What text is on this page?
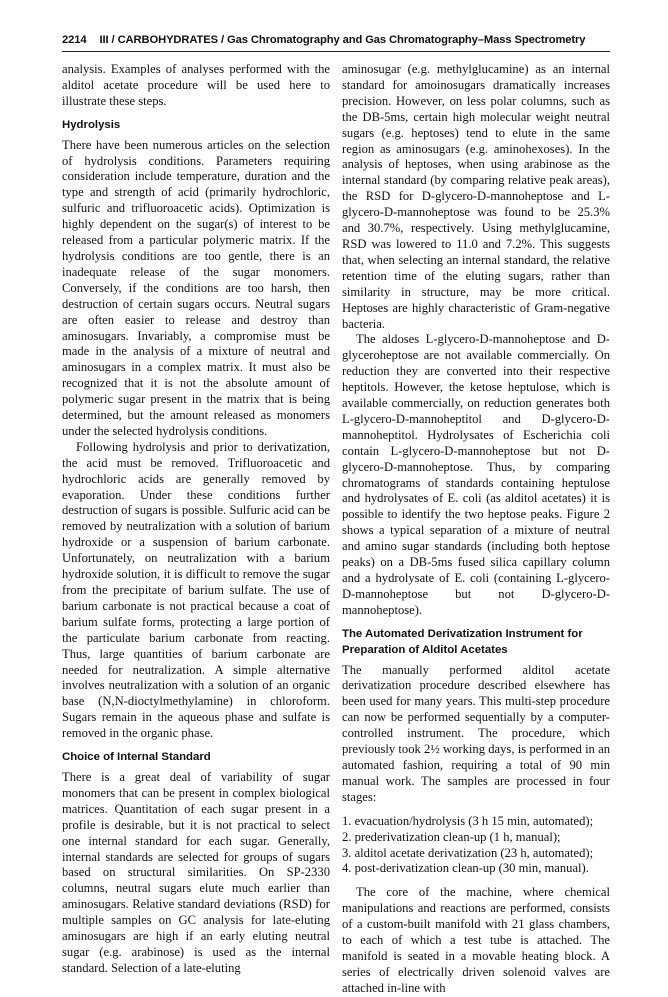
2214 III / CARBOHYDRATES / Gas Chromatography and Gas Chromatography–Mass Spectrometry

analysis. Examples of analyses performed with the alditol acetate procedure will be used here to illustrate these steps.

Hydrolysis

There have been numerous articles on the selection of hydrolysis conditions. Parameters requiring consideration include temperature, duration and the type and strength of acid (primarily hydrochloric, sulfuric and trifluoroacetic acids). Optimization is highly dependent on the sugar(s) of interest to be released from a particular polymeric matrix. If the hydrolysis conditions are too gentle, there is an inadequate release of the sugar monomers. Conversely, if the conditions are too harsh, then destruction of certain sugars occurs. Neutral sugars are often easier to release and destroy than aminosugars. Invariably, a compromise must be made in the analysis of a mixture of neutral and aminosugars in a complex matrix. It must also be recognized that it is not the absolute amount of polymeric sugar present in the matrix that is being determined, but the amount released as monomers under the selected hydrolysis conditions.

Following hydrolysis and prior to derivatization, the acid must be removed. Trifluoroacetic and hydrochloric acids are generally removed by evaporation. Under these conditions further destruction of sugars is possible. Sulfuric acid can be removed by neutralization with a solution of barium hydroxide or a suspension of barium carbonate. Unfortunately, on neutralization with a barium hydroxide solution, it is difficult to remove the sugar from the precipitate of barium sulfate. The use of barium carbonate is not practical because a coat of barium sulfate forms, protecting a large portion of the particulate barium carbonate from reacting. Thus, large quantities of barium carbonate are needed for neutralization. A simple alternative involves neutralization with a solution of an organic base (N,N-dioctylmethylamine) in chloroform. Sugars remain in the aqueous phase and sulfate is removed in the organic phase.

Choice of Internal Standard

There is a great deal of variability of sugar monomers that can be present in complex biological matrices. Quantitation of each sugar present in a profile is desirable, but it is not practical to select one internal standard for each sugar. Generally, internal standards are selected for groups of sugars based on structural similarities. On SP-2330 columns, neutral sugars elute much earlier than aminosugars. Relative standard deviations (RSD) for multiple samples on GC analysis for late-eluting aminosugars are high if an early eluting neutral sugar (e.g. arabinose) is used as the internal standard. Selection of a late-eluting

aminosugar (e.g. methylglucamine) as an internal standard for amoinosugars dramatically increases precision. However, on less polar columns, such as the DB-5ms, certain high molecular weight neutral sugars (e.g. heptoses) tend to elute in the same region as aminosugars (e.g. aminohexoses). In the analysis of heptoses, when using arabinose as the internal standard (by comparing relative peak areas), the RSD for D-glycero-D-mannoheptose and L-glycero-D-mannoheptose was found to be 25.3% and 30.7%, respectively. Using methylglucamine, RSD was lowered to 11.0 and 7.2%. This suggests that, when selecting an internal standard, the relative retention time of the eluting sugars, rather than similarity in structure, may be more critical. Heptoses are highly characteristic of Gram-negative bacteria.

The aldoses L-glycero-D-mannoheptose and D-glyceroheptose are not available commercially. On reduction they are converted into their respective heptitols. However, the ketose heptulose, which is available commercially, on reduction generates both L-glycero-D-mannoheptitol and D-glycero-D-mannoheptitol. Hydrolysates of Escherichia coli contain L-glycero-D-mannoheptose but not D-glycero-D-mannoheptose. Thus, by comparing chromatograms of standards containing heptulose and hydrolysates of E. coli (as alditol acetates) it is possible to identify the two heptose peaks. Figure 2 shows a typical separation of a mixture of neutral and amino sugar standards (including both heptose peaks) on a DB-5ms fused silica capillary column and a hydrolysate of E. coli (containing L-glycero-D-mannoheptose but not D-glycero-D-mannoheptose).

The Automated Derivatization Instrument for Preparation of Alditol Acetates

The manually performed alditol acetate derivatization procedure described elsewhere has been used for many years. This multi-step procedure can now be performed sequentially by a computer-controlled instrument. The procedure, which previously took 2½ working days, is performed in an automated fashion, requiring a total of 90 min manual work. The samples are processed in four stages:

1. evacuation/hydrolysis (3 h 15 min, automated);
2. prederivatization clean-up (1 h, manual);
3. alditol acetate derivatization (23 h, automated);
4. post-derivatization clean-up (30 min, manual).

The core of the machine, where chemical manipulations and reactions are performed, consists of a custom-built manifold with 21 glass chambers, to each of which a test tube is attached. The manifold is seated in a movable heating block. A series of electrically driven solenoid valves are attached in-line with
